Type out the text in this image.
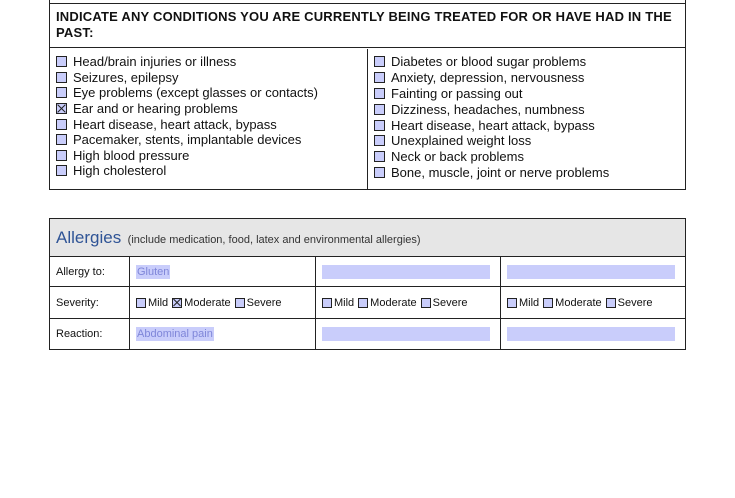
INDICATE ANY CONDITIONS YOU ARE CURRENTLY BEING TREATED FOR OR HAVE HAD IN THE PAST:
Head/brain injuries or illness
Seizures, epilepsy
Eye problems (except glasses or contacts)
Ear and or hearing problems
Heart disease, heart attack, bypass
Pacemaker, stents, implantable devices
High blood pressure
High cholesterol
Diabetes or blood sugar problems
Anxiety, depression, nervousness
Fainting or passing out
Dizziness, headaches, numbness
Heart disease, heart attack, bypass
Unexplained weight loss
Neck or back problems
Bone, muscle, joint or nerve problems
Allergies (include medication, food, latex and environmental allergies)
Allergy to:	Gluten
Severity:	Mild Moderate Severe	Mild Moderate Severe	Mild Moderate Severe
Reaction:	Abdominal pain
